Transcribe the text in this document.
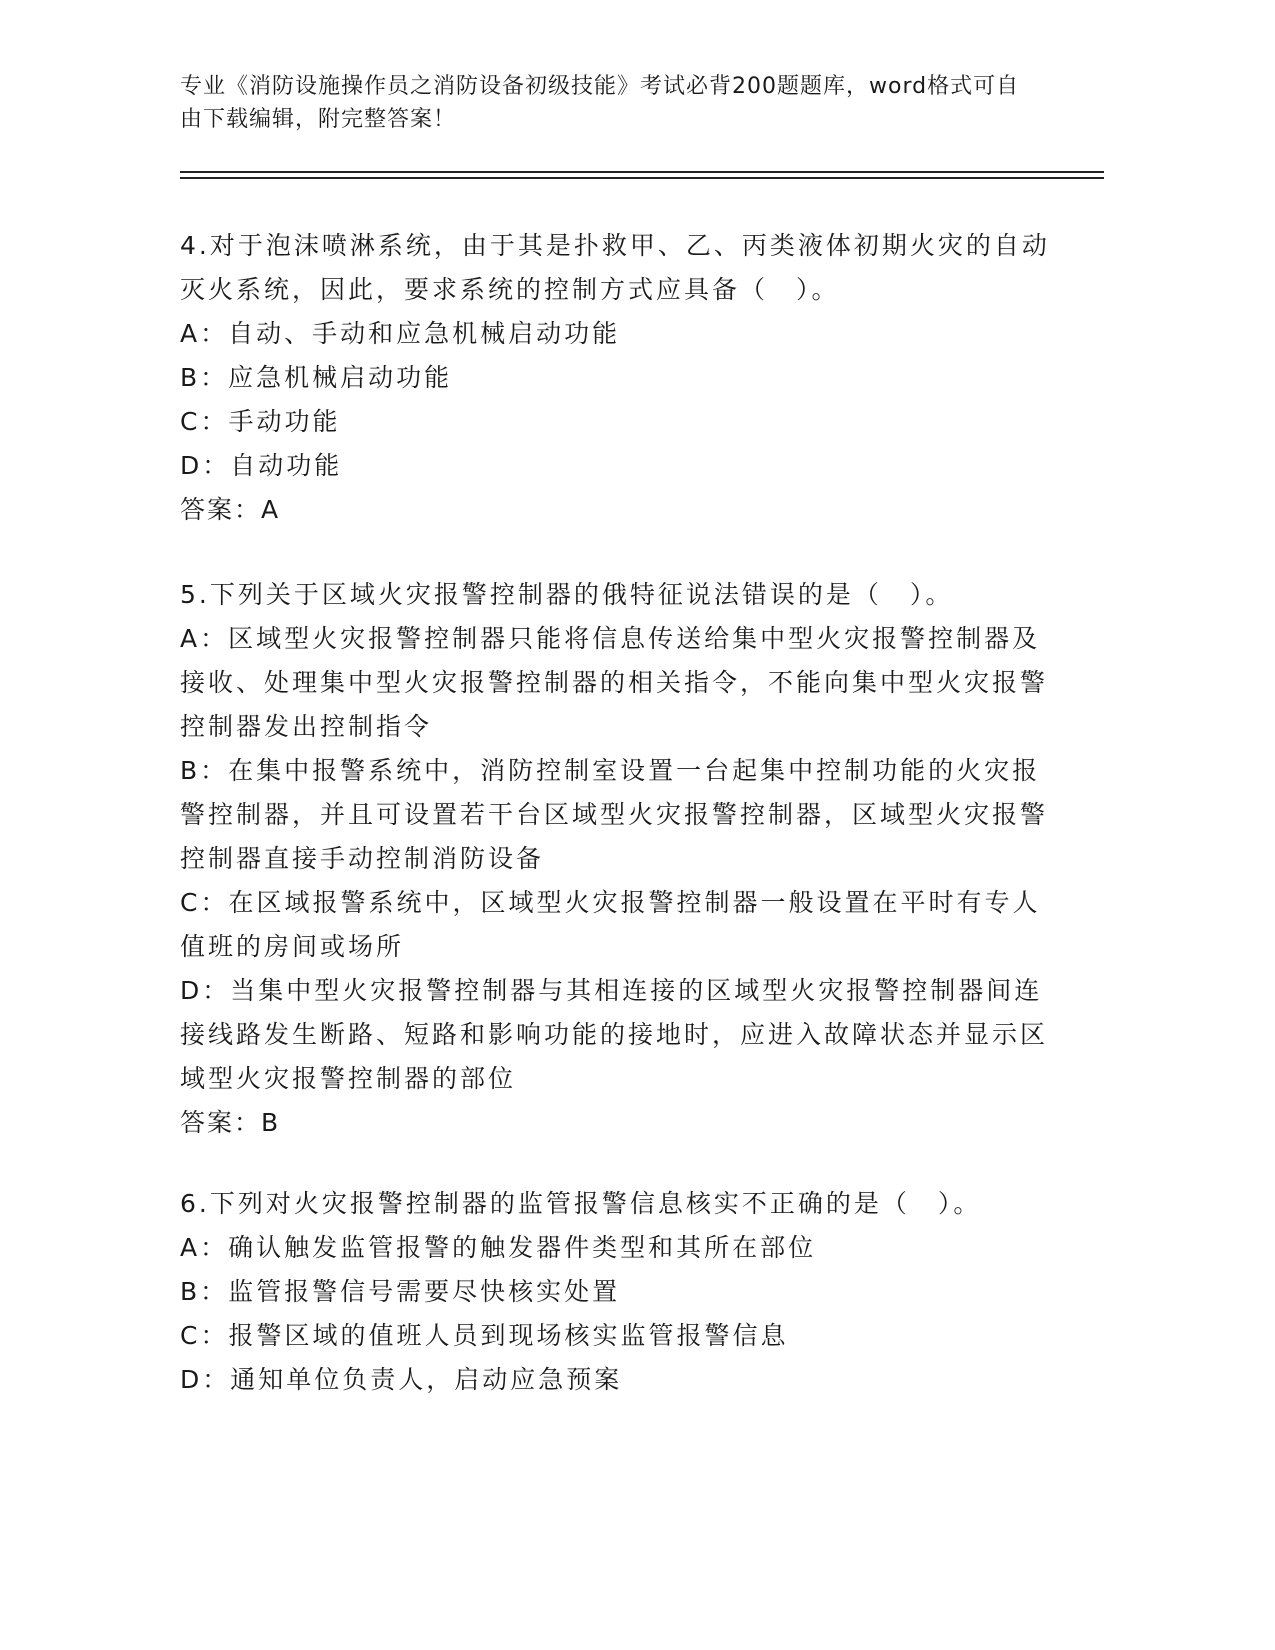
专业《消防设施操作员之消防设备初级技能》考试必背200题题库，word格式可自由下载编辑，附完整答案！

4.对于泡沫喷淋系统，由于其是扑救甲、乙、丙类液体初期火灾的自动灭火系统，因此，要求系统的控制方式应具备（　）。

A：自动、手动和应急机械启动功能

B：应急机械启动功能

C：手动功能

D：自动功能

答案：A

5.下列关于区域火灾报警控制器的俄特征说法错误的是（　）。

A：区域型火灾报警控制器只能将信息传送给集中型火灾报警控制器及接收、处理集中型火灾报警控制器的相关指令，不能向集中型火灾报警控制器发出控制指令

B：在集中报警系统中，消防控制室设置一台起集中控制功能的火灾报警控制器，并且可设置若干台区域型火灾报警控制器，区域型火灾报警控制器直接手动控制消防设备

C：在区域报警系统中，区域型火灾报警控制器一般设置在平时有专人值班的房间或场所

D：当集中型火灾报警控制器与其相连接的区域型火灾报警控制器间连接线路发生断路、短路和影响功能的接地时，应进入故障状态并显示区域型火灾报警控制器的部位

答案：B

6.下列对火灾报警控制器的监管报警信息核实不正确的是（　）。

A：确认触发监管报警的触发器件类型和其所在部位

B：监管报警信号需要尽快核实处置

C：报警区域的值班人员到现场核实监管报警信息

D：通知单位负责人，启动应急预案
